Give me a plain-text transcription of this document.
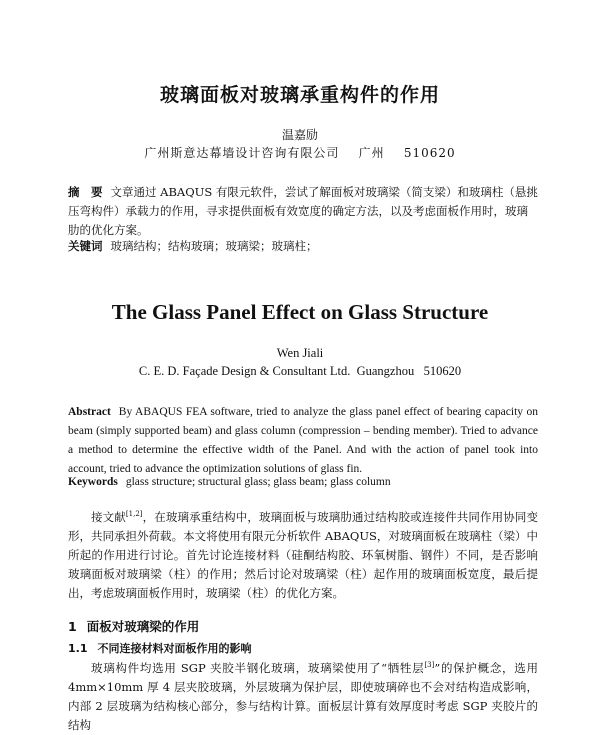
玻璃面板对玻璃承重构件的作用
温嘉励
广州斯意达幕墙设计咨询有限公司    广州    510620
摘　要 文章通过 ABAQUS 有限元软件，尝试了解面板对玻璃梁（简支梁）和玻璃柱（悬挑压弯构件）承载力的作用，寻求提供面板有效宽度的确定方法，以及考虑面板作用时，玻璃肋的优化方案。
关键词 玻璃结构；结构玻璃；玻璃梁；玻璃柱；
The Glass Panel Effect on Glass Structure
Wen Jiali
C. E. D. Façade Design & Consultant Ltd.  Guangzhou   510620
Abstract By ABAQUS FEA software, tried to analyze the glass panel effect of bearing capacity on beam (simply supported beam) and glass column (compression – bending member). Tried to advance a method to determine the effective width of the Panel. And with the action of panel took into account, tried to advance the optimization solutions of glass fin.
Keywords glass structure; structural glass; glass beam; glass column
接文献[1,2]，在玻璃承重结构中，玻璃面板与玻璃肋通过结构胶或连接件共同作用协同变形，共同承担外荷载。本文将使用有限元分析软件 ABAQUS，对玻璃面板在玻璃柱（梁）中所起的作用进行讨论。首先讨论连接材料（硅酮结构胶、环氧树脂、钢件）不同，是否影响玻璃面板对玻璃梁（柱）的作用；然后讨论对玻璃梁（柱）起作用的玻璃面板宽度，最后提出，考虑玻璃面板作用时，玻璃梁（柱）的优化方案。
1 面板对玻璃梁的作用
1.1 不同连接材料对面板作用的影响
玻璃构件均选用 SGP 夹胶半钢化玻璃，玻璃梁使用了“牺牲层[3]”的保护概念，选用 4mm×10mm 厚 4 层夹胶玻璃，外层玻璃为保护层，即使玻璃碎也不会对结构造成影响，内部 2 层玻璃为结构核心部分，参与结构计算。面板层计算有效厚度时考虑 SGP 夹胶片的结构
